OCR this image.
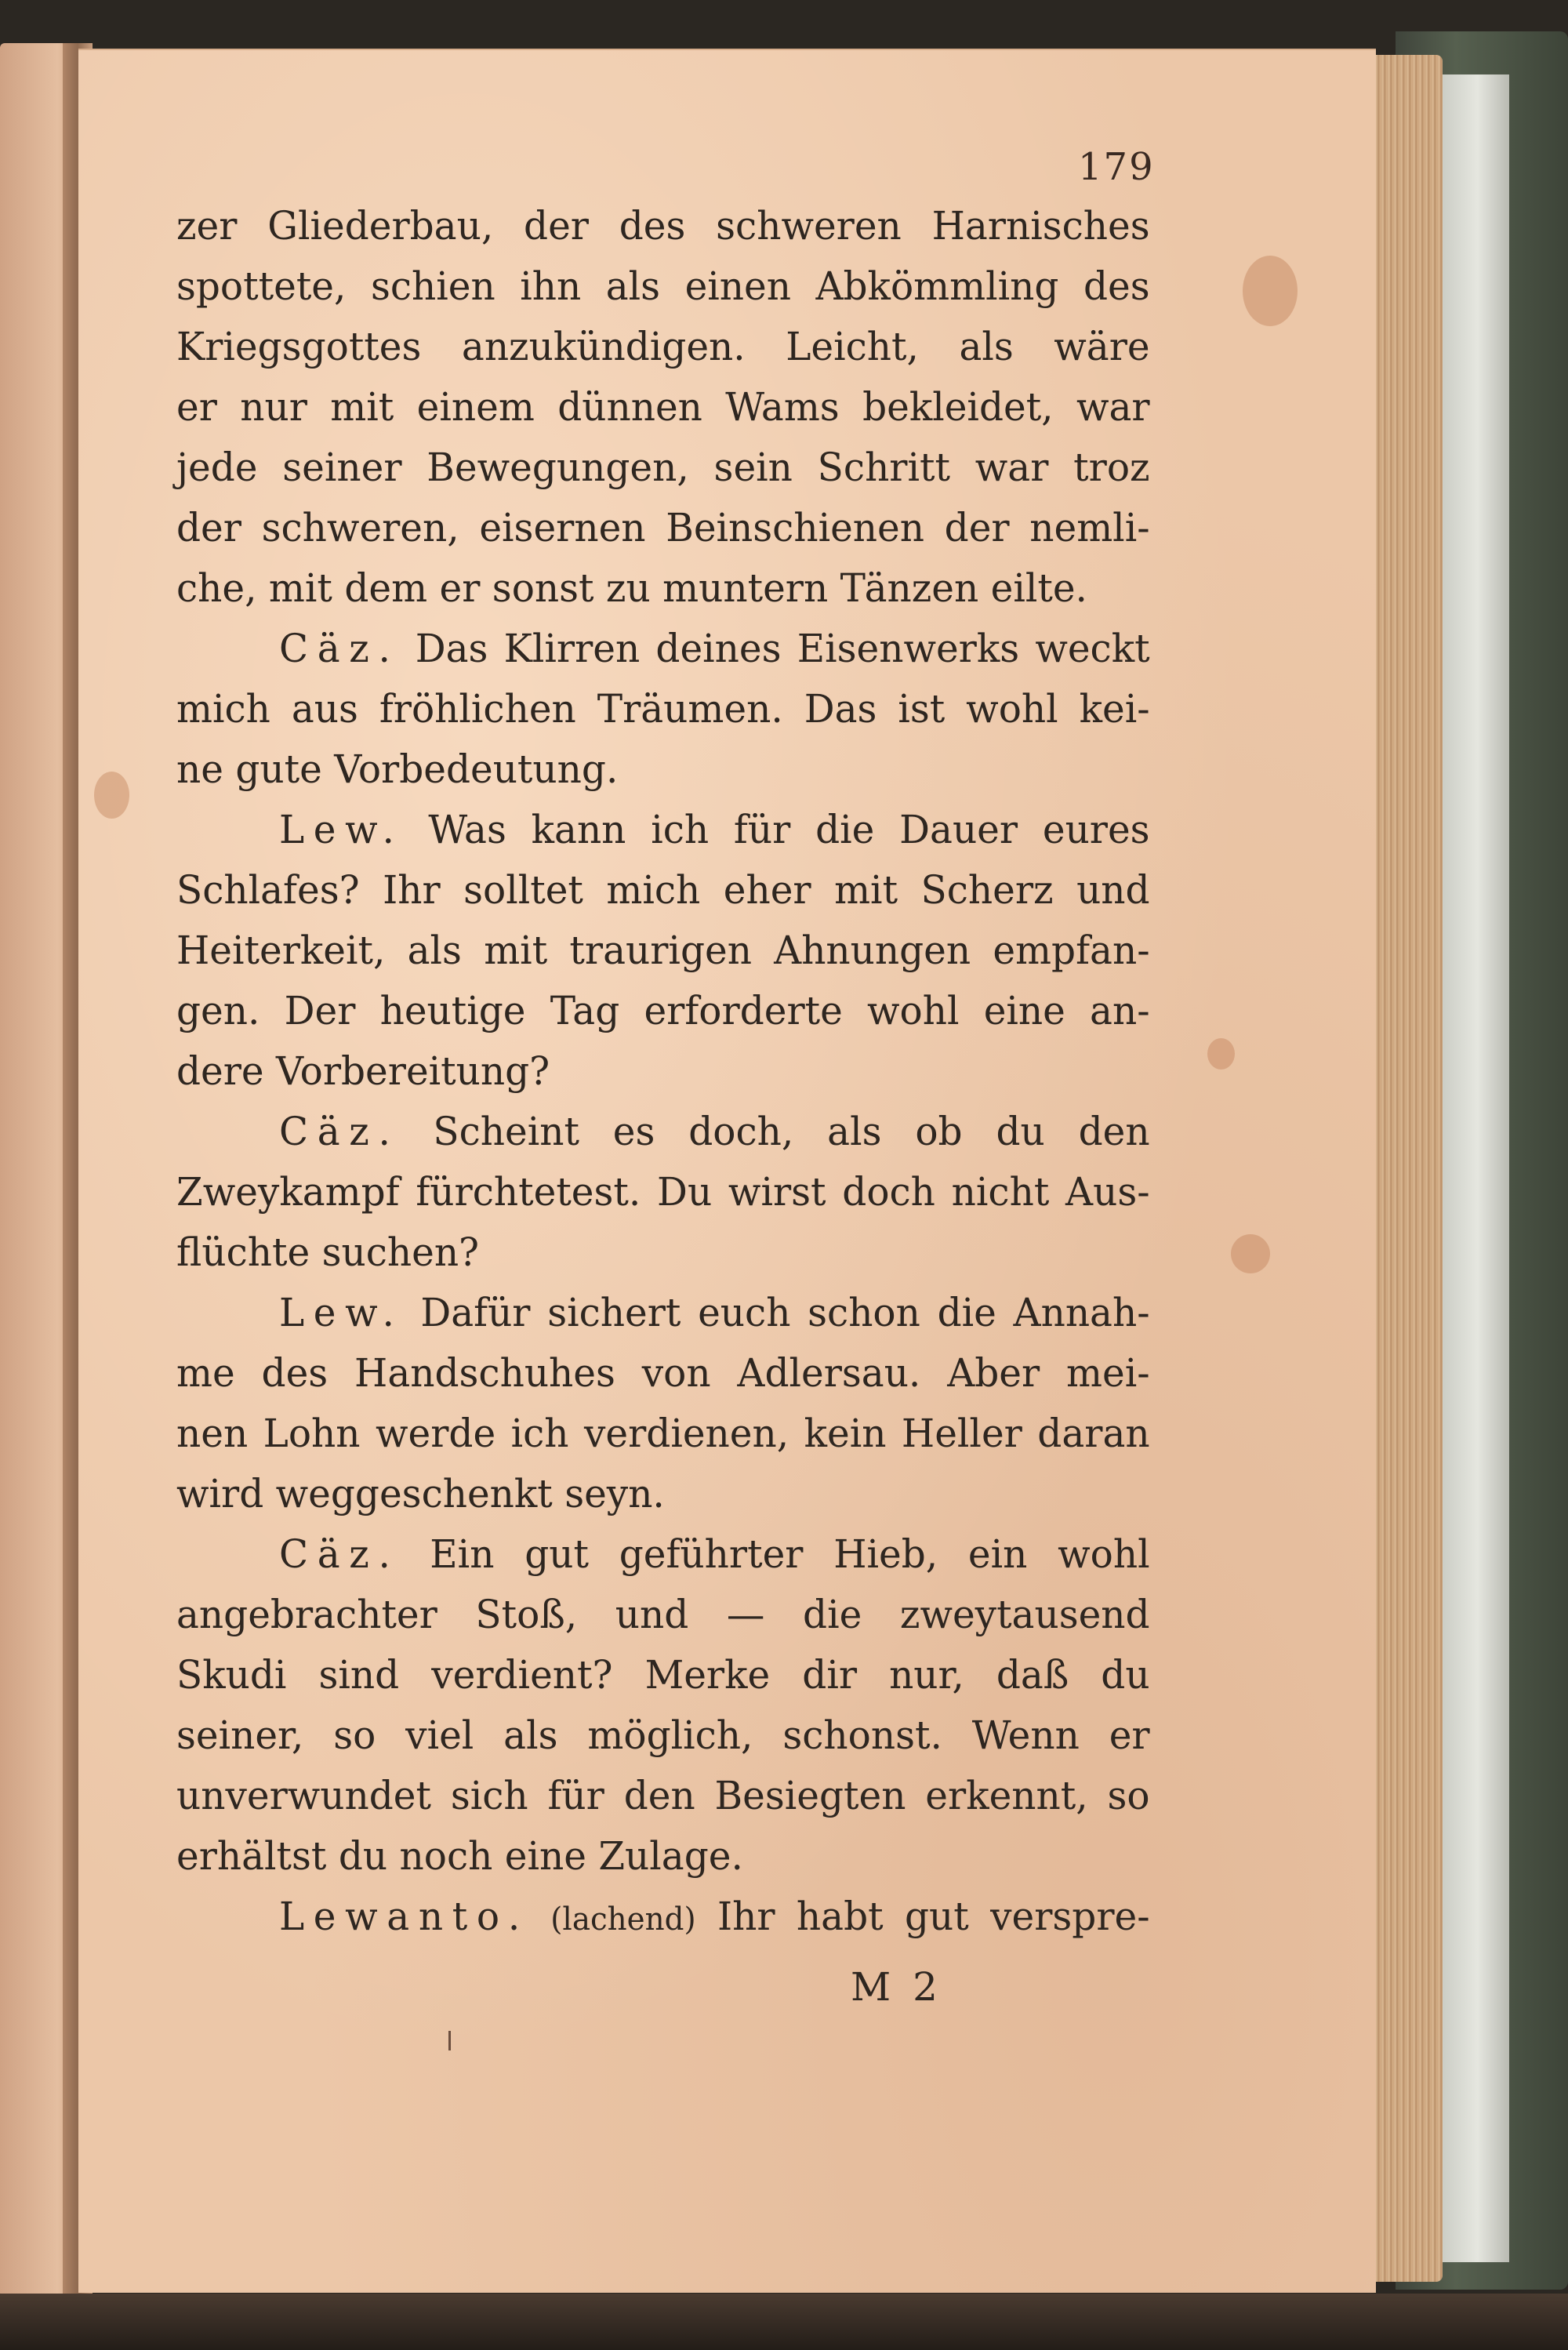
179
zer Gliederbau, der des schweren Harnisches
spottete, schien ihn als einen Abkömmling des
Kriegsgottes anzukündigen. Leicht, als wäre
er nur mit einem dünnen Wams bekleidet, war
jede seiner Bewegungen, sein Schritt war troz
der schweren, eisernen Beinschienen der nemli-
che, mit dem er sonst zu muntern Tänzen eilte.
Cäz. Das Klirren deines Eisenwerks weckt
mich aus fröhlichen Träumen. Das ist wohl kei-
ne gute Vorbedeutung.
Lew. Was kann ich für die Dauer eures
Schlafes? Ihr solltet mich eher mit Scherz und
Heiterkeit, als mit traurigen Ahnungen empfan-
gen. Der heutige Tag erforderte wohl eine an-
dere Vorbereitung?
Cäz. Scheint es doch, als ob du den
Zweykampf fürchtetest. Du wirst doch nicht Aus-
flüchte suchen?
Lew. Dafür sichert euch schon die Annah-
me des Handschuhes von Adlersau. Aber mei-
nen Lohn werde ich verdienen, kein Heller daran
wird weggeschenkt seyn.
Cäz. Ein gut geführter Hieb, ein wohl
angebrachter Stoß, und — die zweytausend
Skudi sind verdient? Merke dir nur, daß du
seiner, so viel als möglich, schonst. Wenn er
unverwundet sich für den Besiegten erkennt, so
erhältst du noch eine Zulage.
Lewanto. (lachend) Ihr habt gut verspre-
M 2
